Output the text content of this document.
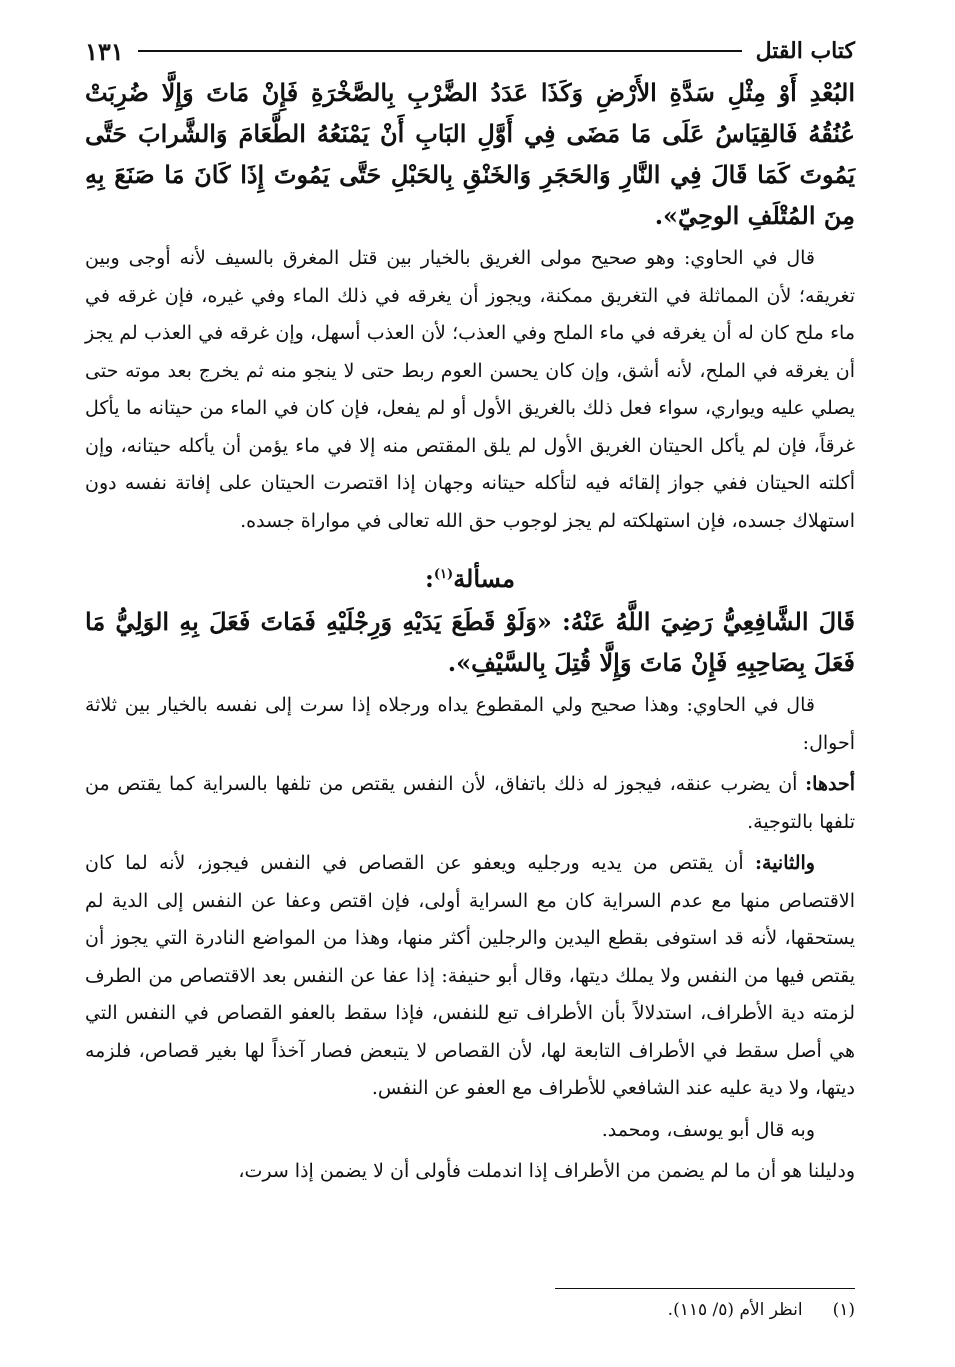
كتاب القتل
١٣١

البُعْدِ أَوْ مِثْلِ سَدَّةِ الأَرْضِ وَكَذَا عَدَدُ الضَّرْبِ بِالصَّخْرَةِ فَإِنْ مَاتَ وَإِلَّا ضُرِبَتْ عُنُقُهُ فَالقِيَاسُ عَلَى مَا مَضَى فِي أَوَّلِ البَابِ أَنْ يَمْنَعُهُ الطَّعَامَ وَالشَّرابَ حَتَّى يَمُوتَ كَمَا قَالَ فِي النَّارِ وَالحَجَرِ وَالخَنْقِ بِالحَبْلِ حَتَّى يَمُوتَ إِذَا كَانَ مَا صَنَعَ بِهِ مِنَ المُتْلَفِ الوحِيّ».

قال في الحاوي: وهو صحيح مولى الغريق بالخيار بين قتل المغرق بالسيف لأنه أوجى وبين تغريقه؛ لأن المماثلة في التغريق ممكنة، ويجوز أن يغرقه في ذلك الماء وفي غيره، فإن غرقه في ماء ملح كان له أن يغرقه في ماء الملح وفي العذب؛ لأن العذب أسهل، وإن غرقه في العذب لم يجز أن يغرقه في الملح، لأنه أشق، وإن كان يحسن العوم ربط حتى لا ينجو منه ثم يخرج بعد موته حتى يصلي عليه ويواري، سواء فعل ذلك بالغريق الأول أو لم يفعل، فإن كان في الماء من حيتانه ما يأكل غرقاً، فإن لم يأكل الحيتان الغريق الأول لم يلق المقتص منه إلا في ماء يؤمن أن يأكله حيتانه، وإن أكلته الحيتان ففي جواز إلقائه فيه لتأكله حيتانه وجهان إذا اقتصرت الحيتان على إفاتة نفسه دون استهلاك جسده، فإن استهلكته لم يجز لوجوب حق الله تعالى في مواراة جسده.

مسألة$^{(١)}$:

قَالَ الشَّافِعِيُّ رَضِيَ اللَّهُ عَنْهُ: «وَلَوْ قَطَعَ يَدَيْهِ وَرِجْلَيْهِ فَمَاتَ فَعَلَ بِهِ الوَلِيُّ مَا فَعَلَ بِصَاحِبِهِ فَإِنْ مَاتَ وَإِلَّا قُتِلَ بِالسَّيْفِ».

قال في الحاوي: وهذا صحيح ولي المقطوع يداه ورجلاه إذا سرت إلى نفسه بالخيار بين ثلاثة أحوال:

أحدها: أن يضرب عنقه، فيجوز له ذلك باتفاق، لأن النفس يقتص من تلفها بالسراية كما يقتص من تلفها بالتوجية.

والثانية: أن يقتص من يديه ورجليه ويعفو عن القصاص في النفس فيجوز، لأنه لما كان الاقتصاص منها مع عدم السراية كان مع السراية أولى، فإن اقتص وعفا عن النفس إلى الدية لم يستحقها، لأنه قد استوفى بقطع اليدين والرجلين أكثر منها، وهذا من المواضع النادرة التي يجوز أن يقتص فيها من النفس ولا يملك ديتها، وقال أبو حنيفة: إذا عفا عن النفس بعد الاقتصاص من الطرف لزمته دية الأطراف، استدلالاً بأن الأطراف تبع للنفس، فإذا سقط بالعفو القصاص في النفس التي هي أصل سقط في الأطراف التابعة لها، لأن القصاص لا يتبعض فصار آخذاً لها بغير قصاص، فلزمه ديتها، ولا دية عليه عند الشافعي للأطراف مع العفو عن النفس.

وبه قال أبو يوسف، ومحمد.

ودليلنا هو أن ما لم يضمن من الأطراف إذا اندملت فأولى أن لا يضمن إذا سرت،

(١)انظر الأم (٥/ ١١٥).
